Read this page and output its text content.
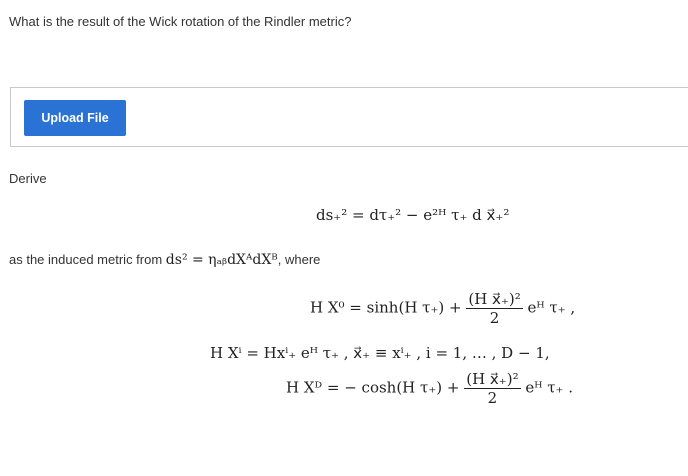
What is the result of the Wick rotation of the Rindler metric?
Upload File
Derive
ds₊² = dτ₊² − e²ᴴ τ₊ d x⃗₊²
as the induced metric from ds² = ηₐᵦdXᴬdXᴮ, where
H X⁰ = sinh(H $\tau_+) + \frac{\text{(H x⃗₊)²}}{2}$ eᴴ τ₊ ,
H Xⁱ = Hxⁱ₊ eᴴ τ₊ , x⃗₊ ≡ xⁱ₊ , i = 1, … , D − 1,
H Xᴰ = − cosh(H $\tau_+) + \frac{\text{(H x⃗₊)²}}{2}$ eᴴ τ₊ .
